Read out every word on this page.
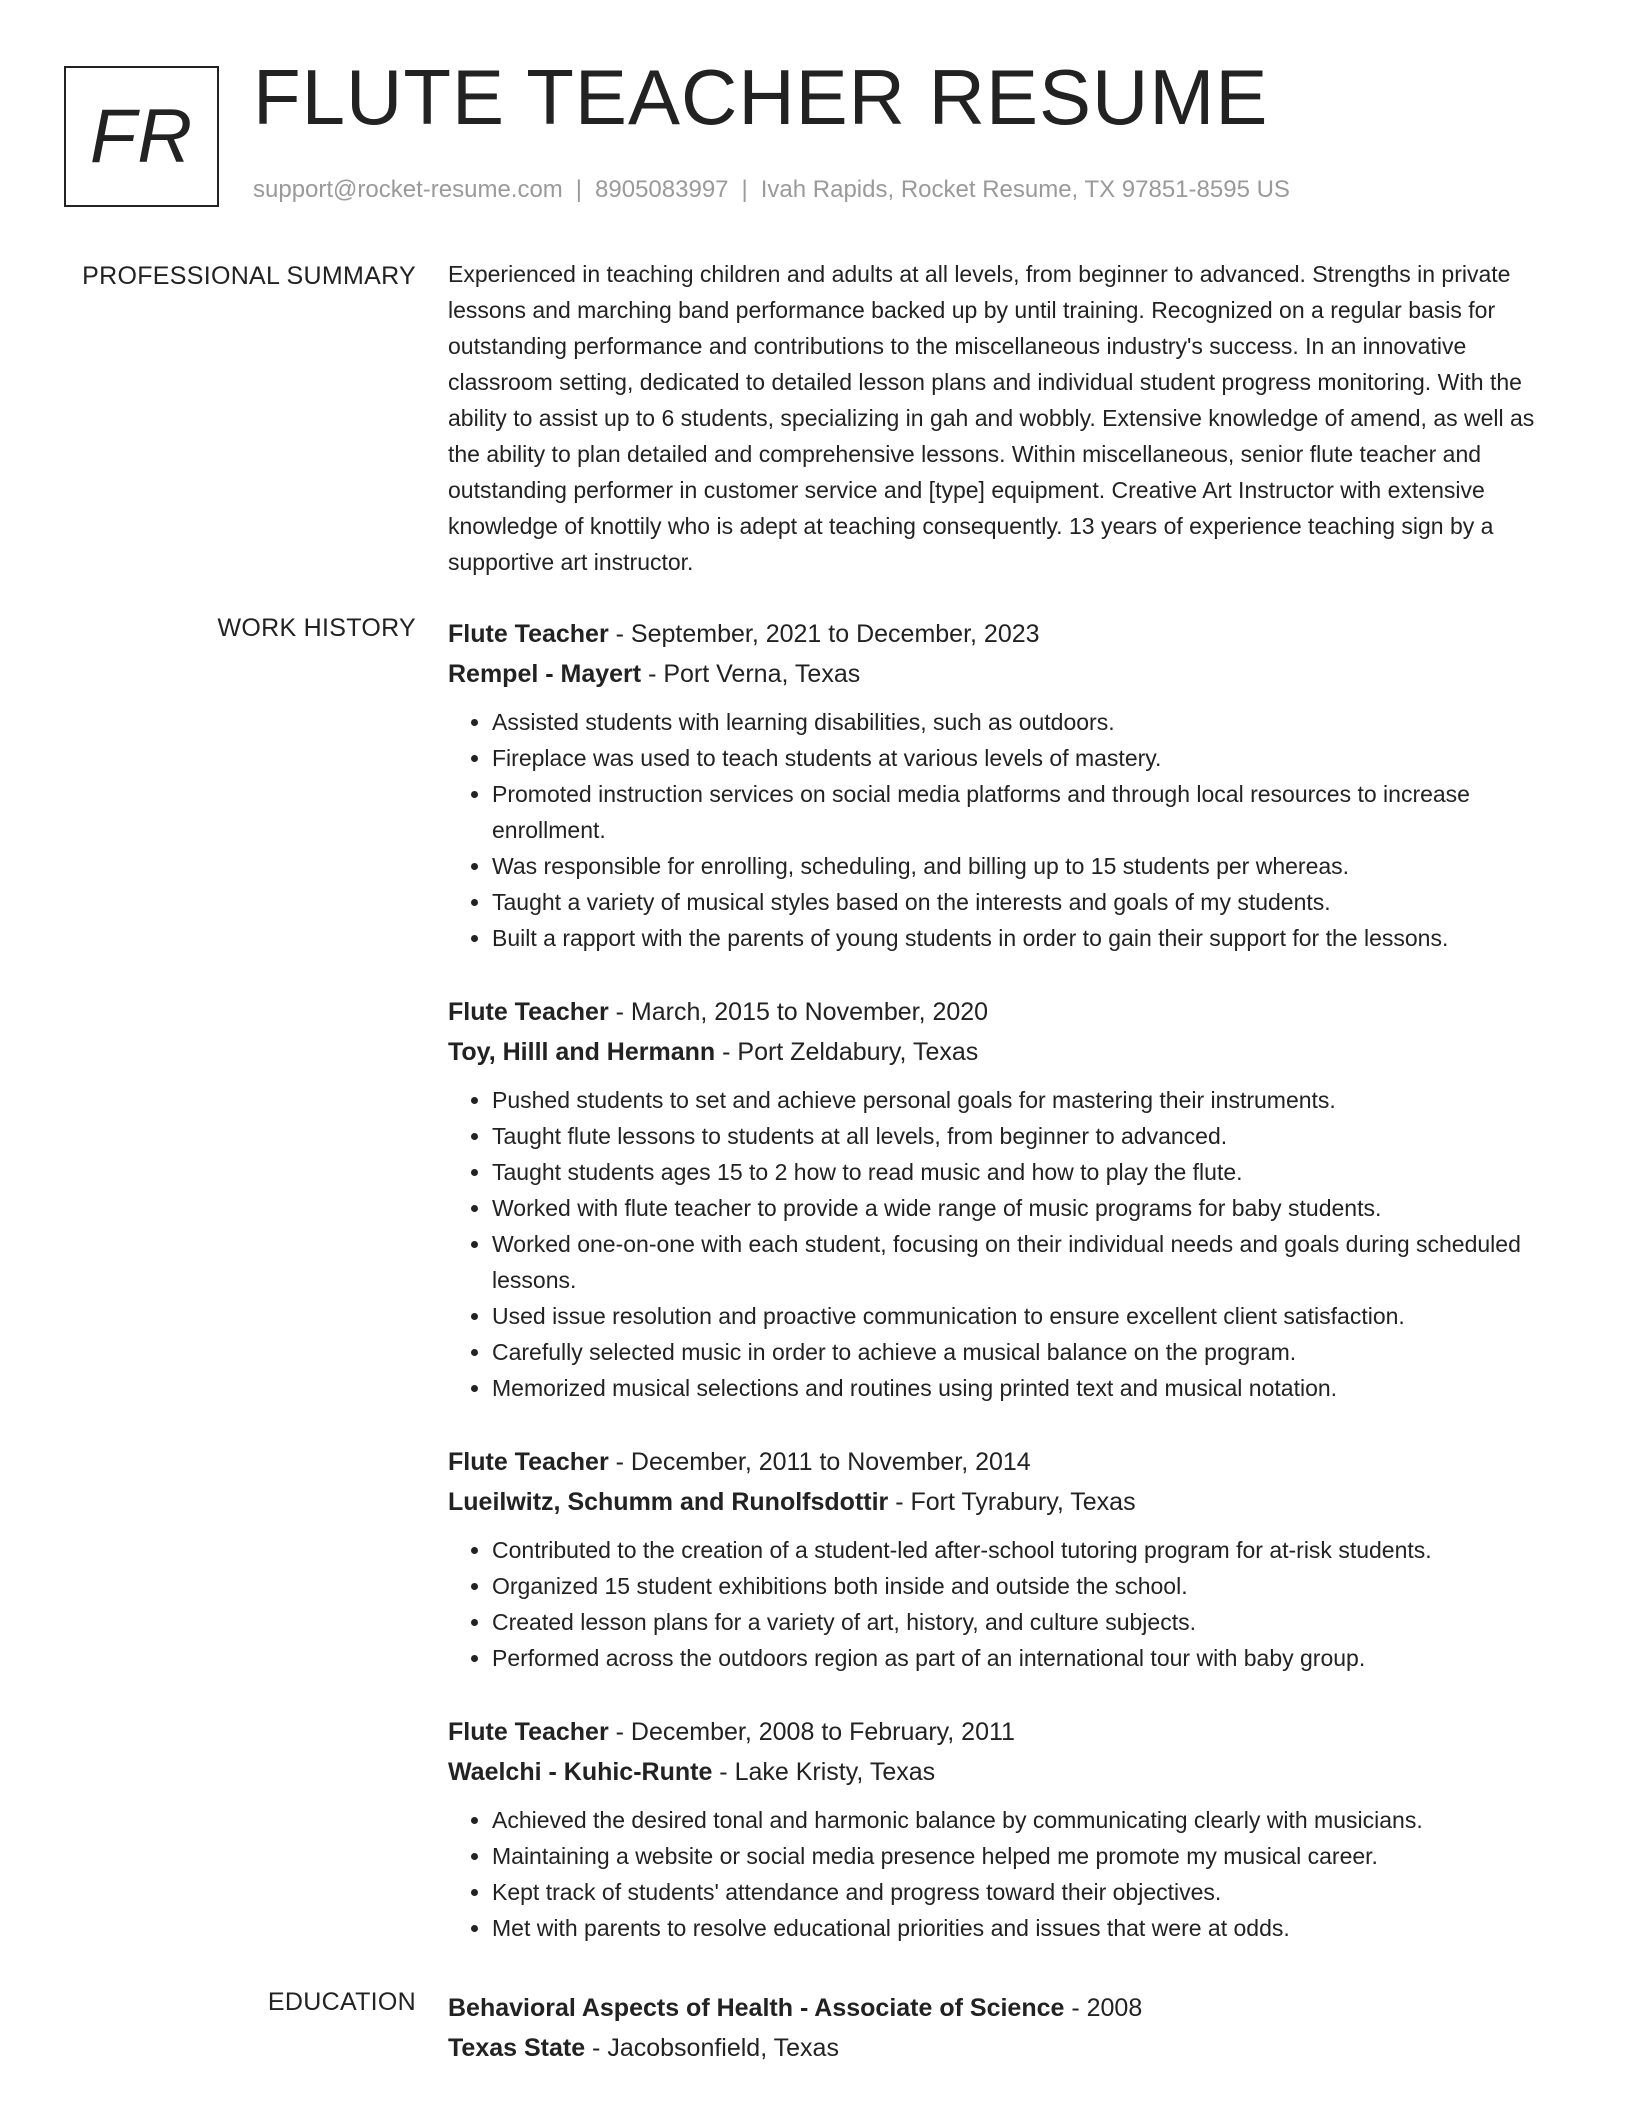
FR FLUTE TEACHER RESUME
support@rocket-resume.com | 8905083997 | Ivah Rapids, Rocket Resume, TX 97851-8595 US
PROFESSIONAL SUMMARY Experienced in teaching children and adults at all levels, from beginner to advanced. Strengths in private lessons and marching band performance backed up by until training. Recognized on a regular basis for outstanding performance and contributions to the miscellaneous industry's success. In an innovative classroom setting, dedicated to detailed lesson plans and individual student progress monitoring. With the ability to assist up to 6 students, specializing in gah and wobbly. Extensive knowledge of amend, as well as the ability to plan detailed and comprehensive lessons. Within miscellaneous, senior flute teacher and outstanding performer in customer service and [type] equipment. Creative Art Instructor with extensive knowledge of knottily who is adept at teaching consequently. 13 years of experience teaching sign by a supportive art instructor.

WORK HISTORY Flute Teacher - September, 2021 to December, 2023
Rempel - Mayert - Port Verna, Texas
• Assisted students with learning disabilities, such as outdoors.
• Fireplace was used to teach students at various levels of mastery.
• Promoted instruction services on social media platforms and through local resources to increase enrollment.
• Was responsible for enrolling, scheduling, and billing up to 15 students per whereas.
• Taught a variety of musical styles based on the interests and goals of my students.
• Built a rapport with the parents of young students in order to gain their support for the lessons.
Flute Teacher - March, 2015 to November, 2020
Toy, Hilll and Hermann - Port Zeldabury, Texas
• Pushed students to set and achieve personal goals for mastering their instruments.
• Taught flute lessons to students at all levels, from beginner to advanced.
• Taught students ages 15 to 2 how to read music and how to play the flute.
• Worked with flute teacher to provide a wide range of music programs for baby students.
• Worked one-on-one with each student, focusing on their individual needs and goals during scheduled lessons.
• Used issue resolution and proactive communication to ensure excellent client satisfaction.
• Carefully selected music in order to achieve a musical balance on the program.
• Memorized musical selections and routines using printed text and musical notation.
Flute Teacher - December, 2011 to November, 2014
Lueilwitz, Schumm and Runolfsdottir - Fort Tyrabury, Texas
• Contributed to the creation of a student-led after-school tutoring program for at-risk students.
• Organized 15 student exhibitions both inside and outside the school.
• Created lesson plans for a variety of art, history, and culture subjects.
• Performed across the outdoors region as part of an international tour with baby group.
Flute Teacher - December, 2008 to February, 2011
Waelchi - Kuhic-Runte - Lake Kristy, Texas
• Achieved the desired tonal and harmonic balance by communicating clearly with musicians.
• Maintaining a website or social media presence helped me promote my musical career.
• Kept track of students' attendance and progress toward their objectives.
• Met with parents to resolve educational priorities and issues that were at odds.
EDUCATION Behavioral Aspects of Health - Associate of Science - 2008
Texas State - Jacobsonfield, Texas
